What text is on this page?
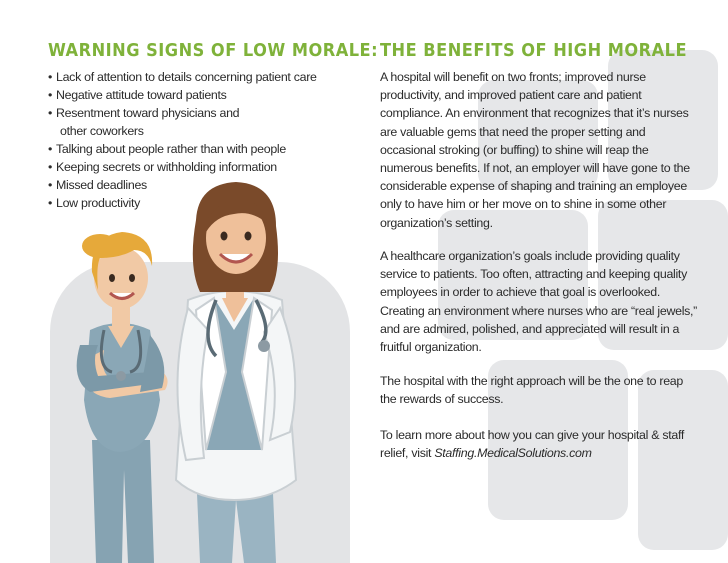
WARNING SIGNS OF LOW MORALE:
• Lack of attention to details concerning patient care
• Negative attitude toward patients
• Resentment toward physicians and
other coworkers
• Talking about people rather than with people
• Keeping secrets or withholding information
• Missed deadlines
• Low productivity
THE BENEFITS OF HIGH MORALE

A hospital will benefit on two fronts; improved nurse productivity, and improved patient care and patient compliance. An environment that recognizes that it’s nurses are valuable gems that need the proper setting and occasional stroking (or buffing) to shine will reap the numerous benefits. If not, an employer will have gone to the considerable expense of shaping and training an employee only to have him or her move on to shine in some other organization’s setting.

A healthcare organization’s goals include providing quality service to patients. Too often, attracting and keeping quality employees in order to achieve that goal is overlooked. Creating an environment where nurses who are “real jewels,” and are admired, polished, and appreciated will result in a fruitful organization.

The hospital with the right approach will be the one to reap the rewards of success.

To learn more about how you can give your hospital & staff relief, visit Staffing.MedicalSolutions.com
